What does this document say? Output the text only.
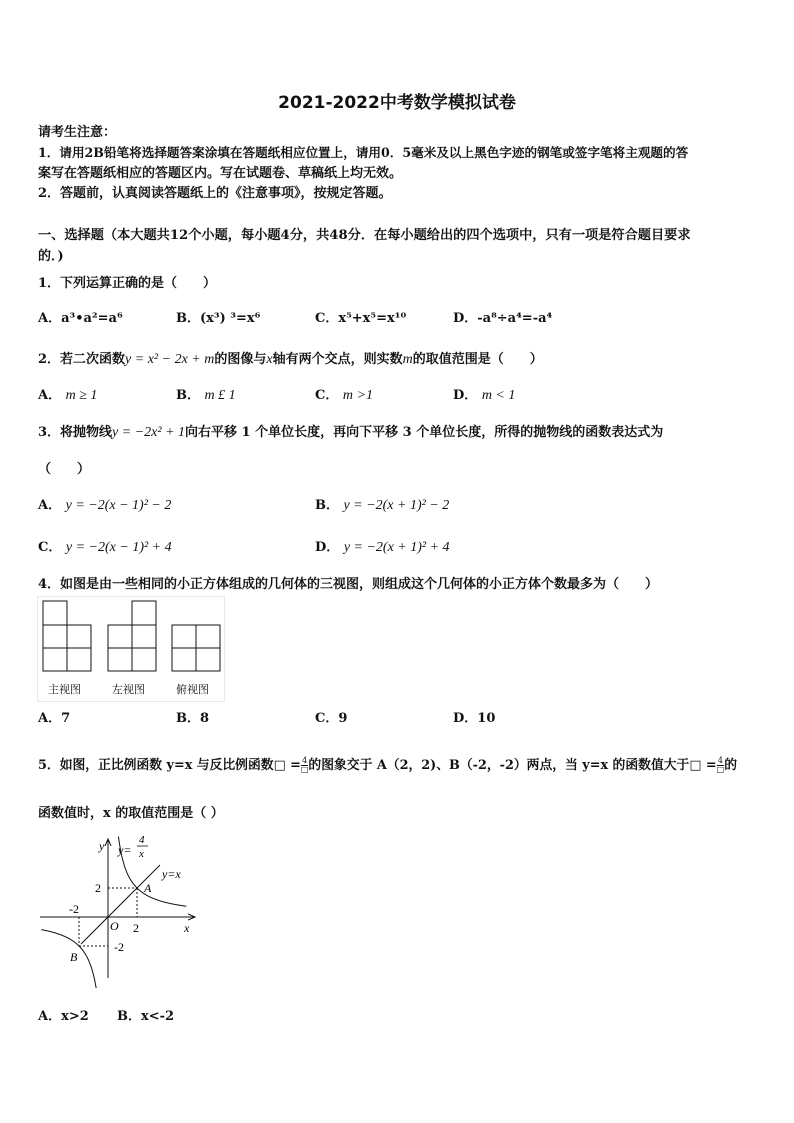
2021-2022中考数学模拟试卷
请考生注意：
1．请用2B铅笔将选择题答案涂填在答题纸相应位置上，请用0．5毫米及以上黑色字迹的钢笔或签字笔将主观题的答
案写在答题纸相应的答题区内。写在试题卷、草稿纸上均无效。
2．答题前，认真阅读答题纸上的《注意事项》，按规定答题。
一、选择题（本大题共12个小题，每小题4分，共48分．在每小题给出的四个选项中，只有一项是符合题目要求
的．)
1．下列运算正确的是（　　）
A．a³•a²=a⁶	B．(x³) ³=x⁶	C．x⁵+x⁵=x¹⁰	D．-a⁸÷a⁴=-a⁴
2．若二次函数y = x² − 2x + m的图像与x轴有两个交点，则实数m的取值范围是（　　）
A． m ≥ 1	B． m £ 1	C． m >1	D． m < 1
3．将抛物线y = −2x² + 1向右平移 1 个单位长度，再向下平移 3 个单位长度，所得的抛物线的函数表达式为
（　　）
A． y = −2(x − 1)² − 2	B． y = −2(x + 1)² − 2
C． y = −2(x − 1)² + 4	D． y = −2(x + 1)² + 4
4．如图是由一些相同的小正方体组成的几何体的三视图，则组成这个几何体的小正方体个数最多为（　　）
主视图	左视图	俯视图
A．7	B．8	C．9	D．10
5．如图，正比例函数 y=x 与反比例函数□ = $\frac{4}{□}$ 的图象交于 A（2，2)、B（-2，-2）两点，当 y=x 的函数值大于□ = $\frac{4}{□}$ 的
函数值时，x 的取值范围是（ ）
y
x
O
y=
4
x
y=x
2
-2
2
-2
A
B
A．x>2 B．x<-2
